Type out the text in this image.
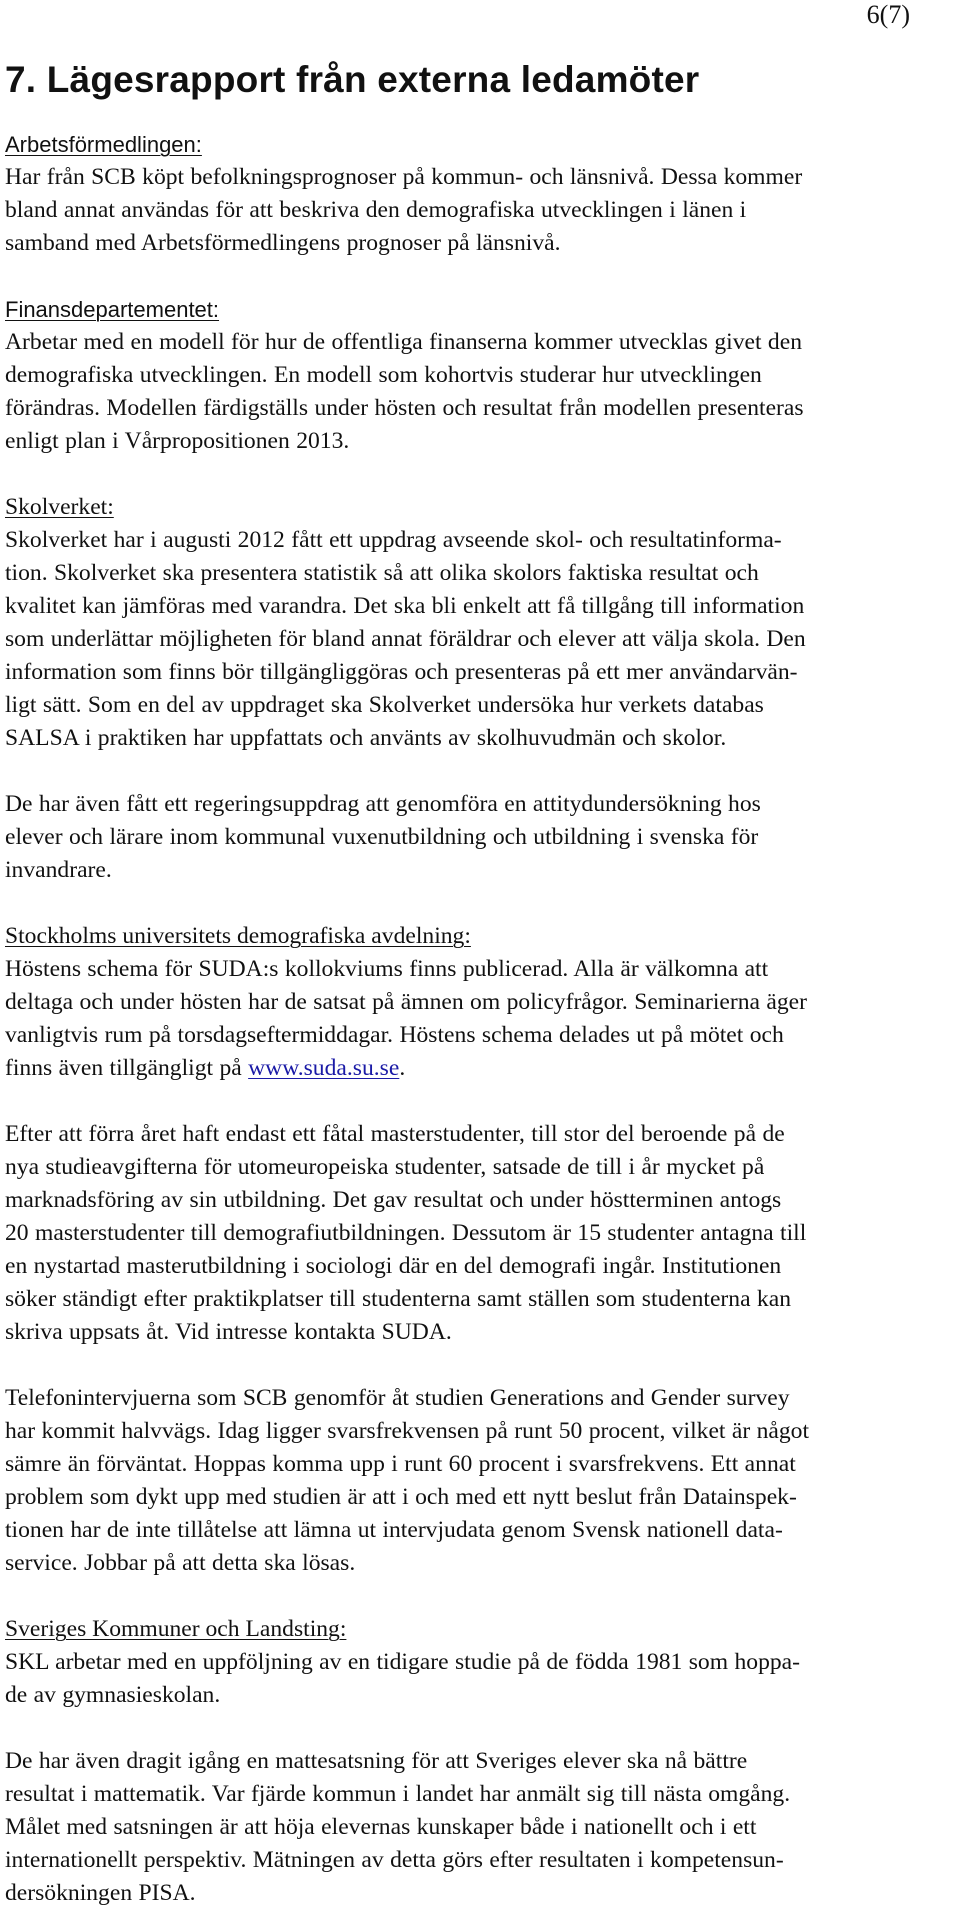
6(7)
7. Lägesrapport från externa ledamöter
Arbetsförmedlingen:
Har från SCB köpt befolkningsprognoser på kommun- och länsnivå. Dessa kommer
bland annat användas för att beskriva den demografiska utvecklingen i länen i
samband med Arbetsförmedlingens prognoser på länsnivå.
Finansdepartementet:
Arbetar med en modell för hur de offentliga finanserna kommer utvecklas givet den
demografiska utvecklingen. En modell som kohortvis studerar hur utvecklingen
förändras. Modellen färdigställs under hösten och resultat från modellen presenteras
enligt plan i Vårpropositionen 2013.
Skolverket:
Skolverket har i augusti 2012 fått ett uppdrag avseende skol- och resultatinforma-
tion. Skolverket ska presentera statistik så att olika skolors faktiska resultat och
kvalitet kan jämföras med varandra. Det ska bli enkelt att få tillgång till information
som underlättar möjligheten för bland annat föräldrar och elever att välja skola. Den
information som finns bör tillgängliggöras och presenteras på ett mer användarvän-
ligt sätt. Som en del av uppdraget ska Skolverket undersöka hur verkets databas
SALSA i praktiken har uppfattats och använts av skolhuvudmän och skolor.
De har även fått ett regeringsuppdrag att genomföra en attitydundersökning hos
elever och lärare inom kommunal vuxenutbildning och utbildning i svenska för
invandrare.
Stockholms universitets demografiska avdelning:
Höstens schema för SUDA:s kollokviums finns publicerad. Alla är välkomna att
deltaga och under hösten har de satsat på ämnen om policyfrågor. Seminarierna äger
vanligtvis rum på torsdagseftermiddagar. Höstens schema delades ut på mötet och
finns även tillgängligt på www.suda.su.se.
Efter att förra året haft endast ett fåtal masterstudenter, till stor del beroende på de
nya studieavgifterna för utomeuropeiska studenter, satsade de till i år mycket på
marknadsföring av sin utbildning. Det gav resultat och under höstterminen antogs
20 masterstudenter till demografiutbildningen. Dessutom är 15 studenter antagna till
en nystartad masterutbildning i sociologi där en del demografi ingår. Institutionen
söker ständigt efter praktikplatser till studenterna samt ställen som studenterna kan
skriva uppsats åt. Vid intresse kontakta SUDA.
Telefonintervjuerna som SCB genomför åt studien Generations and Gender survey
har kommit halvvägs. Idag ligger svarsfrekvensen på runt 50 procent, vilket är något
sämre än förväntat. Hoppas komma upp i runt 60 procent i svarsfrekvens. Ett annat
problem som dykt upp med studien är att i och med ett nytt beslut från Datainspek-
tionen har de inte tillåtelse att lämna ut intervjudata genom Svensk nationell data-
service. Jobbar på att detta ska lösas.
Sveriges Kommuner och Landsting:
SKL arbetar med en uppföljning av en tidigare studie på de födda 1981 som hoppa-
de av gymnasieskolan.
De har även dragit igång en mattesatsning för att Sveriges elever ska nå bättre
resultat i mattematik. Var fjärde kommun i landet har anmält sig till nästa omgång.
Målet med satsningen är att höja elevernas kunskaper både i nationellt och i ett
internationellt perspektiv. Mätningen av detta görs efter resultaten i kompetensun-
dersökningen PISA.
